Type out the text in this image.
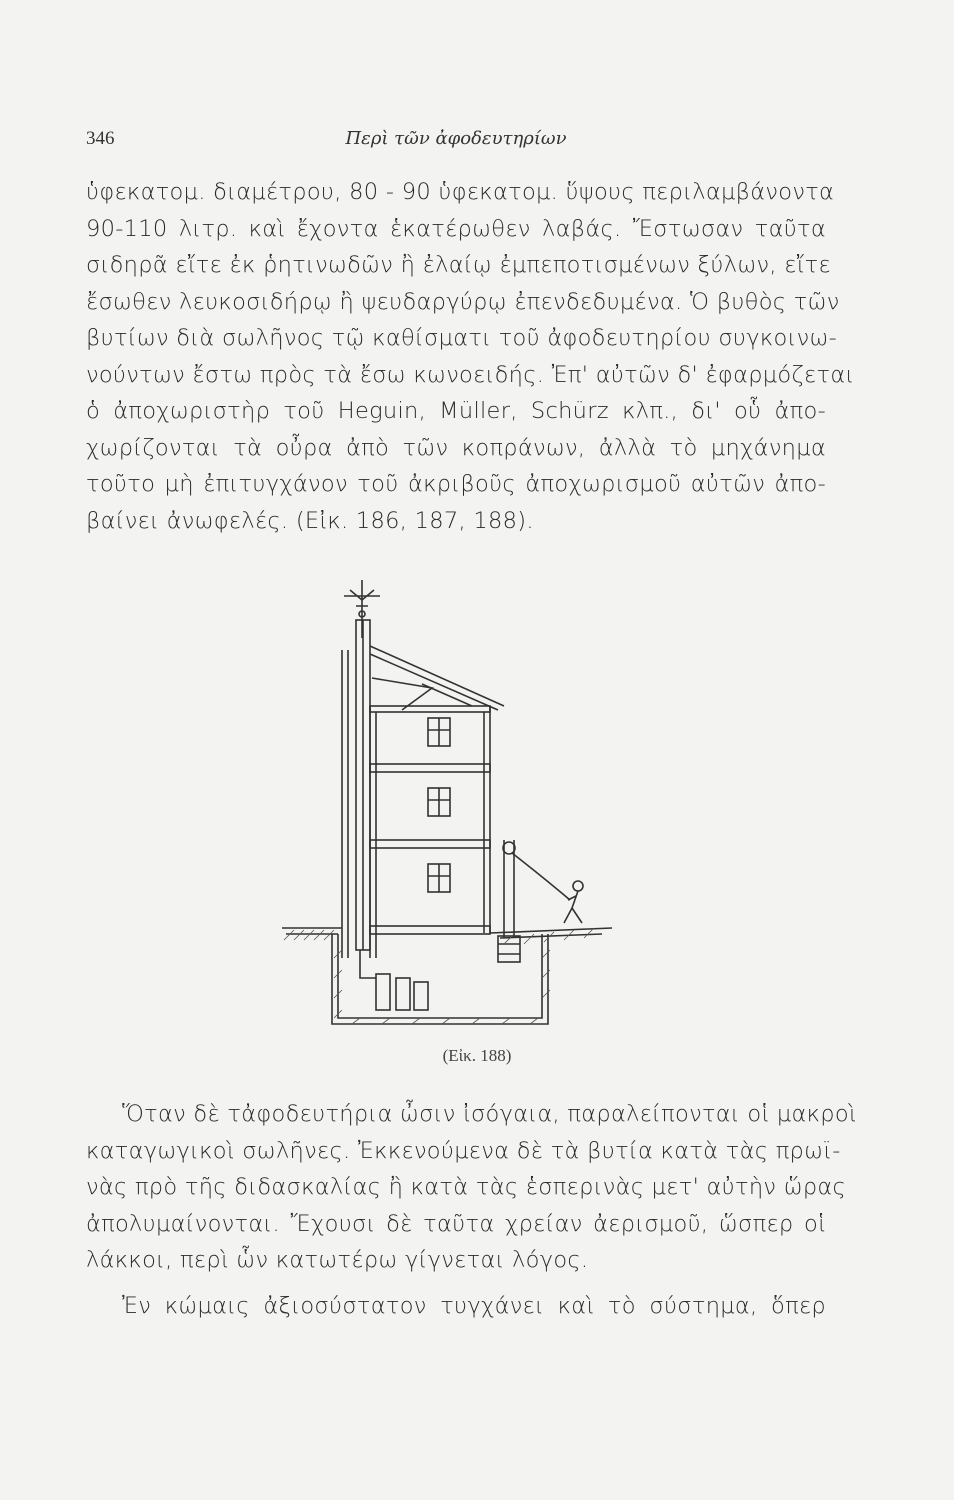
346	Περὶ τῶν ἀφοδευτηρίων
ὑφεκατομ. διαμέτρου, 80 - 90 ὑφεκατομ. ὕψους περιλαμβάνοντα
90-110 λιτρ. καὶ ἔχοντα ἑκατέρωθεν λαβάς. Ἔστωσαν ταῦτα
σιδηρᾶ εἴτε ἐκ ῥητινωδῶν ἢ ἐλαίῳ ἐμπεποτισμένων ξύλων, εἴτε
ἔσωθεν λευκοσιδήρῳ ἢ ψευδαργύρῳ ἐπενδεδυμένα. Ὁ βυθὸς τῶν
βυτίων διὰ σωλῆνος τῷ καθίσματι τοῦ ἀφοδευτηρίου συγκοινω-
νούντων ἔστω πρὸς τὰ ἔσω κωνοειδής. Ἐπ' αὐτῶν δ' ἐφαρμόζεται
ὁ ἀποχωριστὴρ τοῦ Heguin, Müller, Schürz κλπ., δι' οὗ ἀπο-
χωρίζονται τὰ οὖρα ἀπὸ τῶν κοπράνων, ἀλλὰ τὸ μηχάνημα
τοῦτο μὴ ἐπιτυγχάνον τοῦ ἀκριβοῦς ἀποχωρισμοῦ αὐτῶν ἀπο-
βαίνει ἀνωφελές. (Εἰκ. 186, 187, 188).
(Εἰκ. 188)
Ὅταν δὲ τἀφοδευτήρια ὦσιν ἰσόγαια, παραλείπονται οἱ μακροὶ
καταγωγικοὶ σωλῆνες. Ἐκκενούμενα δὲ τὰ βυτία κατὰ τὰς πρωϊ-
νὰς πρὸ τῆς διδασκαλίας ἢ κατὰ τὰς ἑσπερινὰς μετ' αὐτὴν ὥρας
ἀπολυμαίνονται. Ἔχουσι δὲ ταῦτα χρείαν ἀερισμοῦ, ὥσπερ οἱ
λάκκοι, περὶ ὧν κατωτέρω γίγνεται λόγος.
Ἐν κώμαις ἀξιοσύστατον τυγχάνει καὶ τὸ σύστημα, ὅπερ
